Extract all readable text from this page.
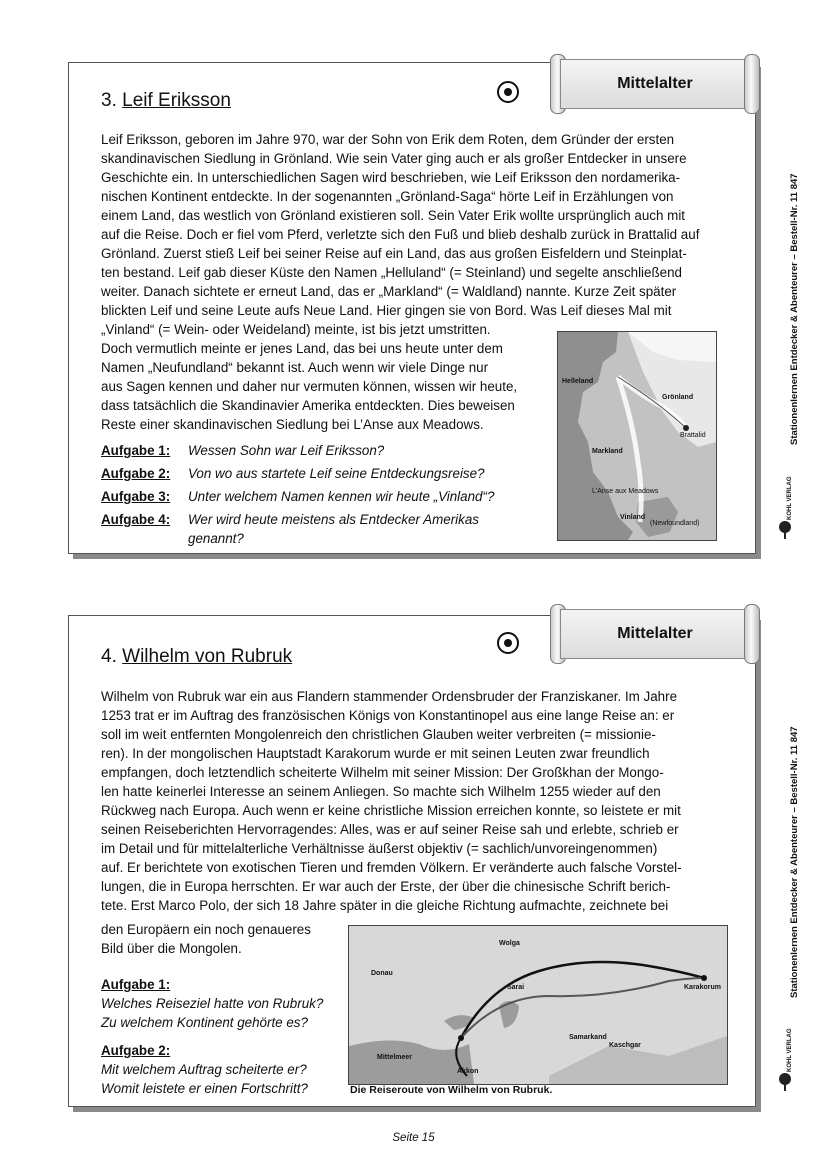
Mittelalter
3. Leif Eriksson
Leif Eriksson, geboren im Jahre 970, war der Sohn von Erik dem Roten, dem Gründer der ersten
skandinavischen Siedlung in Grönland. Wie sein Vater ging auch er als großer Entdecker in unsere
Geschichte ein. In unterschiedlichen Sagen wird beschrieben, wie Leif Eriksson den nordamerika-
nischen Kontinent entdeckte. In der sogenannten „Grönland-Saga“ hörte Leif in Erzählungen von
einem Land, das westlich von Grönland existieren soll. Sein Vater Erik wollte ursprünglich auch mit
auf die Reise. Doch er fiel vom Pferd, verletzte sich den Fuß und blieb deshalb zurück in Brattalid auf
Grönland. Zuerst stieß Leif bei seiner Reise auf ein Land, das aus großen Eisfeldern und Steinplat-
ten bestand. Leif gab dieser Küste den Namen „Helluland“ (= Steinland) und segelte anschließend
weiter. Danach sichtete er erneut Land, das er „Markland“ (= Waldland) nannte. Kurze Zeit später
blickten Leif und seine Leute aufs Neue Land. Hier gingen sie von Bord. Was Leif dieses Mal mit
„Vinland“ (= Wein- oder Weideland) meinte, ist bis jetzt umstritten.
Doch vermutlich meinte er jenes Land, das bei uns heute unter dem
Namen „Neufundland“ bekannt ist. Auch wenn wir viele Dinge nur
aus Sagen kennen und daher nur vermuten können, wissen wir heute,
dass tatsächlich die Skandinavier Amerika entdeckten. Dies beweisen
Reste einer skandinavischen Siedlung bei L’Anse aux Meadows.
Aufgabe 1: Wessen Sohn war Leif Eriksson?
Aufgabe 2: Von wo aus startete Leif seine Entdeckungsreise?
Aufgabe 3: Unter welchem Namen kennen wir heute „Vinland“?
Aufgabe 4: Wer wird heute meistens als Entdecker Amerikas genannt?
Helleland
Grönland
Brattalid
Markland
L'Anse aux Meadows
Vinland
(Newfoundland)
Mittelalter
4. Wilhelm von Rubruk
Wilhelm von Rubruk war ein aus Flandern stammender Ordensbruder der Franziskaner. Im Jahre
1253 trat er im Auftrag des französischen Königs von Konstantinopel aus eine lange Reise an: er
soll im weit entfernten Mongolenreich den christlichen Glauben weiter verbreiten (= missionie-
ren). In der mongolischen Hauptstadt Karakorum wurde er mit seinen Leuten zwar freundlich
empfangen, doch letztendlich scheiterte Wilhelm mit seiner Mission: Der Großkhan der Mongo-
len hatte keinerlei Interesse an seinem Anliegen. So machte sich Wilhelm 1255 wieder auf den
Rückweg nach Europa. Auch wenn er keine christliche Mission erreichen konnte, so leistete er mit
seinen Reiseberichten Hervorragendes: Alles, was er auf seiner Reise sah und erlebte, schrieb er
im Detail und für mittelalterliche Verhältnisse äußerst objektiv (= sachlich/unvoreingenommen)
auf. Er berichtete von exotischen Tieren und fremden Völkern. Er veränderte auch falsche Vorstel-
lungen, die in Europa herrschten. Er war auch der Erste, der über die chinesische Schrift berich-
tete. Erst Marco Polo, der sich 18 Jahre später in die gleiche Richtung aufmachte, zeichnete bei
den Europäern ein noch genaueres
Bild über die Mongolen.
Aufgabe 1:
Welches Reiseziel hatte von Rubruk?
Zu welchem Kontinent gehörte es?
Aufgabe 2:
Mit welchem Auftrag scheiterte er?
Womit leistete er einen Fortschritt?
Karakorum
Sarai
Kaschgar
Samarkand
Akkon
Mittelmeer
Donau
Wolga
Die Reiseroute von Wilhelm von Rubruk.
Stationenlernen Entdecker & Abenteurer – Bestell-Nr. 11 847
Stationenlernen Entdecker & Abenteurer – Bestell-Nr. 11 847
KOHL VERLAG
KOHL VERLAG
Seite 15
